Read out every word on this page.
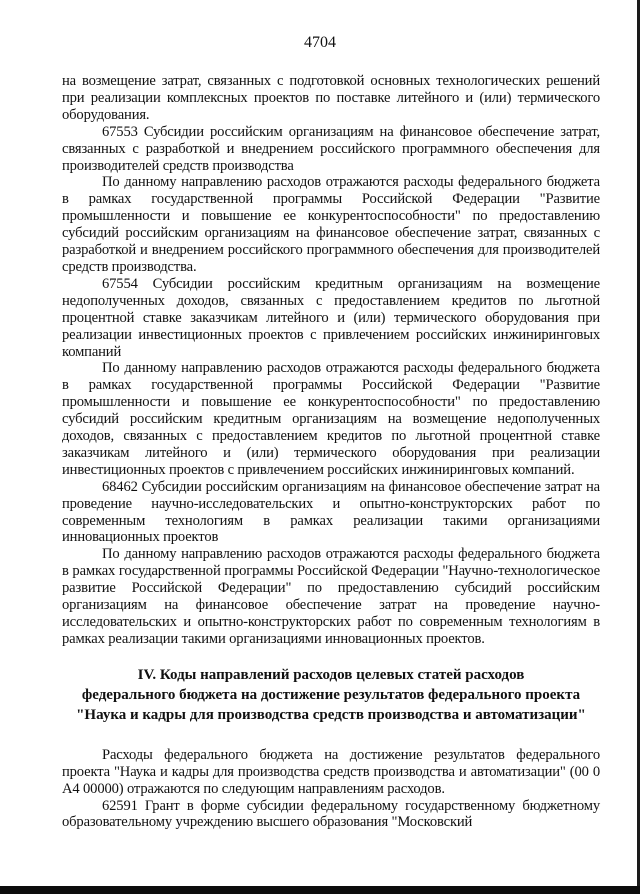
4704

на возмещение затрат, связанных с подготовкой основных технологических решений при реализации комплексных проектов по поставке литейного и (или) термического оборудования.

67553 Субсидии российским организациям на финансовое обеспечение затрат, связанных с разработкой и внедрением российского программного обеспечения для производителей средств производства

По данному направлению расходов отражаются расходы федерального бюджета в рамках государственной программы Российской Федерации "Развитие промышленности и повышение ее конкурентоспособности" по предоставлению субсидий российским организациям на финансовое обеспечение затрат, связанных с разработкой и внедрением российского программного обеспечения для производителей средств производства.

67554 Субсидии российским кредитным организациям на возмещение недополученных доходов, связанных с предоставлением кредитов по льготной процентной ставке заказчикам литейного и (или) термического оборудования при реализации инвестиционных проектов с привлечением российских инжиниринговых компаний

По данному направлению расходов отражаются расходы федерального бюджета в рамках государственной программы Российской Федерации "Развитие промышленности и повышение ее конкурентоспособности" по предоставлению субсидий российским кредитным организациям на возмещение недополученных доходов, связанных с предоставлением кредитов по льготной процентной ставке заказчикам литейного и (или) термического оборудования при реализации инвестиционных проектов с привлечением российских инжиниринговых компаний.

68462 Субсидии российским организациям на финансовое обеспечение затрат на проведение научно-исследовательских и опытно-конструкторских работ по современным технологиям в рамках реализации такими организациями инновационных проектов

По данному направлению расходов отражаются расходы федерального бюджета в рамках государственной программы Российской Федерации "Научно-технологическое развитие Российской Федерации" по предоставлению субсидий российским организациям на финансовое обеспечение затрат на проведение научно-исследовательских и опытно-конструкторских работ по современным технологиям в рамках реализации такими организациями инновационных проектов.

IV. Коды направлений расходов целевых статей расходов
федерального бюджета на достижение результатов федерального проекта
"Наука и кадры для производства средств производства и автоматизации"

Расходы федерального бюджета на достижение результатов федерального проекта "Наука и кадры для производства средств производства и автоматизации" (00 0 А4 00000) отражаются по следующим направлениям расходов.

62591 Грант в форме субсидии федеральному государственному бюджетному образовательному учреждению высшего образования "Московский
